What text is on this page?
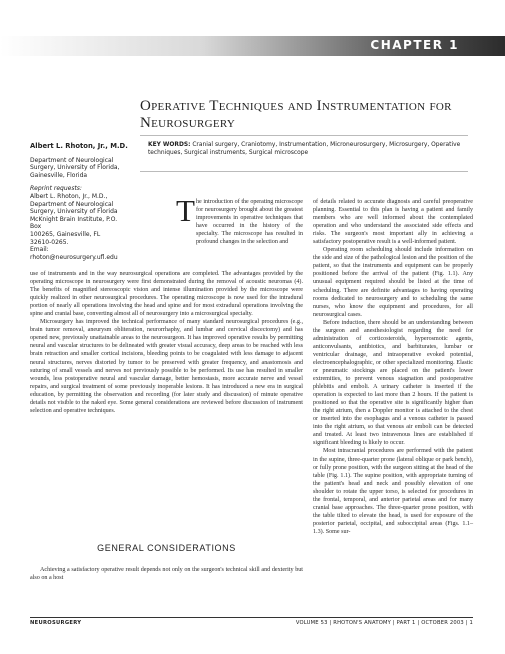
CHAPTER 1
Operative Techniques and Instrumentation for Neurosurgery
KEY WORDS: Cranial surgery, Craniotomy, Instrumentation, Microneurosurgery, Microsurgery, Operative techniques, Surgical instruments, Surgical microscope
Albert L. Rhoton, Jr., M.D.
Department of Neurological
Surgery, University of Florida,
Gainesville, Florida
Reprint requests:
Albert L. Rhoton, Jr., M.D.,
Department of Neurological
Surgery, University of Florida
McKnight Brain Institute, P.O. Box
100265, Gainesville, FL
32610-0265.
Email: rhoton@neurosurgery.ufl.edu
T he introduction of the operating microscope for neurosurgery brought about the greatest improvements in operative techniques that have occurred in the history of the specialty. The microscope has resulted in profound changes in the selection and

use of instruments and in the way neurosurgical operations are completed. The advantages provided by the operating microscope in neurosurgery were first demonstrated during the removal of acoustic neuromas (4). The benefits of magnified stereoscopic vision and intense illumination provided by the microscope were quickly realized in other neurosurgical procedures. The operating microscope is now used for the intradural portion of nearly all operations involving the head and spine and for most extradural operations involving the spine and cranial base, converting almost all of neurosurgery into a microsurgical specialty.

Microsurgery has improved the technical performance of many standard neurosurgical procedures (e.g., brain tumor removal, aneurysm obliteration, neurorrhaphy, and lumbar and cervical discectomy) and has opened new, previously unattainable areas to the neurosurgeon. It has improved operative results by permitting neural and vascular structures to be delineated with greater visual accuracy, deep areas to be reached with less brain retraction and smaller cortical incisions, bleeding points to be coagulated with less damage to adjacent neural structures, nerves distorted by tumor to be preserved with greater frequency, and anastomosis and suturing of small vessels and nerves not previously possible to be performed. Its use has resulted in smaller wounds, less postoperative neural and vascular damage, better hemostasis, more accurate nerve and vessel repairs, and surgical treatment of some previously inoperable lesions. It has introduced a new era in surgical education, by permitting the observation and recording (for later study and discussion) of minute operative details not visible to the naked eye. Some general considerations are reviewed before discussion of instrument selection and operative techniques.

GENERAL CONSIDERATIONS

Achieving a satisfactory operative result depends not only on the surgeon's technical skill and dexterity but also on a host

of details related to accurate diagnosis and careful preoperative planning. Essential to this plan is having a patient and family members who are well informed about the contemplated operation and who understand the associated side effects and risks. The surgeon's most important ally in achieving a satisfactory postoperative result is a well-informed patient.

Operating room scheduling should include information on the side and size of the pathological lesion and the position of the patient, so that the instruments and equipment can be properly positioned before the arrival of the patient (Fig. 1.1). Any unusual equipment required should be listed at the time of scheduling. There are definite advantages to having operating rooms dedicated to neurosurgery and to scheduling the same nurses, who know the equipment and procedures, for all neurosurgical cases.

Before induction, there should be an understanding between the surgeon and anesthesiologist regarding the need for administration of corticosteroids, hyperosmotic agents, anticonvulsants, antibiotics, and barbiturates, lumbar or ventricular drainage, and intraoperative evoked potential, electroencephalographic, or other specialized monitoring. Elastic or pneumatic stockings are placed on the patient's lower extremities, to prevent venous stagnation and postoperative phlebitis and emboli. A urinary catheter is inserted if the operation is expected to last more than 2 hours. If the patient is positioned so that the operative site is significantly higher than the right atrium, then a Doppler monitor is attached to the chest or inserted into the esophagus and a venous catheter is passed into the right atrium, so that venous air emboli can be detected and treated. At least two intravenous lines are established if significant bleeding is likely to occur.

Most intracranial procedures are performed with the patient in the supine, three-quarter prone (lateral oblique or park bench), or fully prone position, with the surgeon sitting at the head of the table (Fig. 1.1). The supine position, with appropriate turning of the patient's head and neck and possibly elevation of one shoulder to rotate the upper torso, is selected for procedures in the frontal, temporal, and anterior parietal areas and for many cranial base approaches. The three-quarter prone position, with the table tilted to elevate the head, is used for exposure of the posterior parietal, occipital, and suboccipital areas (Figs. 1.1–1.3). Some sur-

NEUROSURGERY	VOLUME 53 | RHOTON'S ANATOMY | PART 1 | OCTOBER 2003 | 1
